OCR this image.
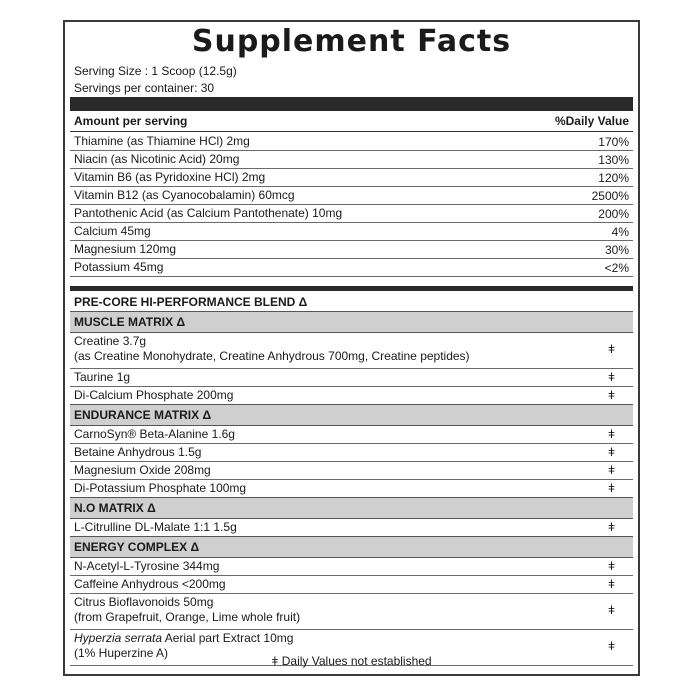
Supplement Facts
Serving Size : 1 Scoop (12.5g)
Servings per container: 30
Amount per serving	%Daily Value
Thiamine (as Thiamine HCl) 2mg	170%
Niacin (as Nicotinic Acid) 20mg	130%
Vitamin B6 (as Pyridoxine HCl) 2mg	120%
Vitamin B12 (as Cyanocobalamin) 60mcg	2500%
Pantothenic Acid (as Calcium Pantothenate) 10mg	200%
Calcium 45mg	4%
Magnesium 120mg	30%
Potassium 45mg	<2%
PRE-CORE HI-PERFORMANCE BLEND Δ
MUSCLE MATRIX Δ
Creatine 3.7g
(as Creatine Monohydrate, Creatine Anhydrous 700mg, Creatine peptides)	ǂ
Taurine 1g	ǂ
Di-Calcium Phosphate 200mg	ǂ
ENDURANCE MATRIX Δ
CarnoSyn® Beta-Alanine 1.6g	ǂ
Betaine Anhydrous 1.5g	ǂ
Magnesium Oxide 208mg	ǂ
Di-Potassium Phosphate 100mg	ǂ
N.O MATRIX Δ
L-Citrulline DL-Malate 1:1 1.5g	ǂ
ENERGY COMPLEX Δ
N-Acetyl-L-Tyrosine 344mg	ǂ
Caffeine Anhydrous <200mg	ǂ
Citrus Bioflavonoids 50mg
(from Grapefruit, Orange, Lime whole fruit)	ǂ
Hyperzia serrata Aerial part Extract 10mg
(1% Huperzine A)	ǂ
ǂ Daily Values not established
